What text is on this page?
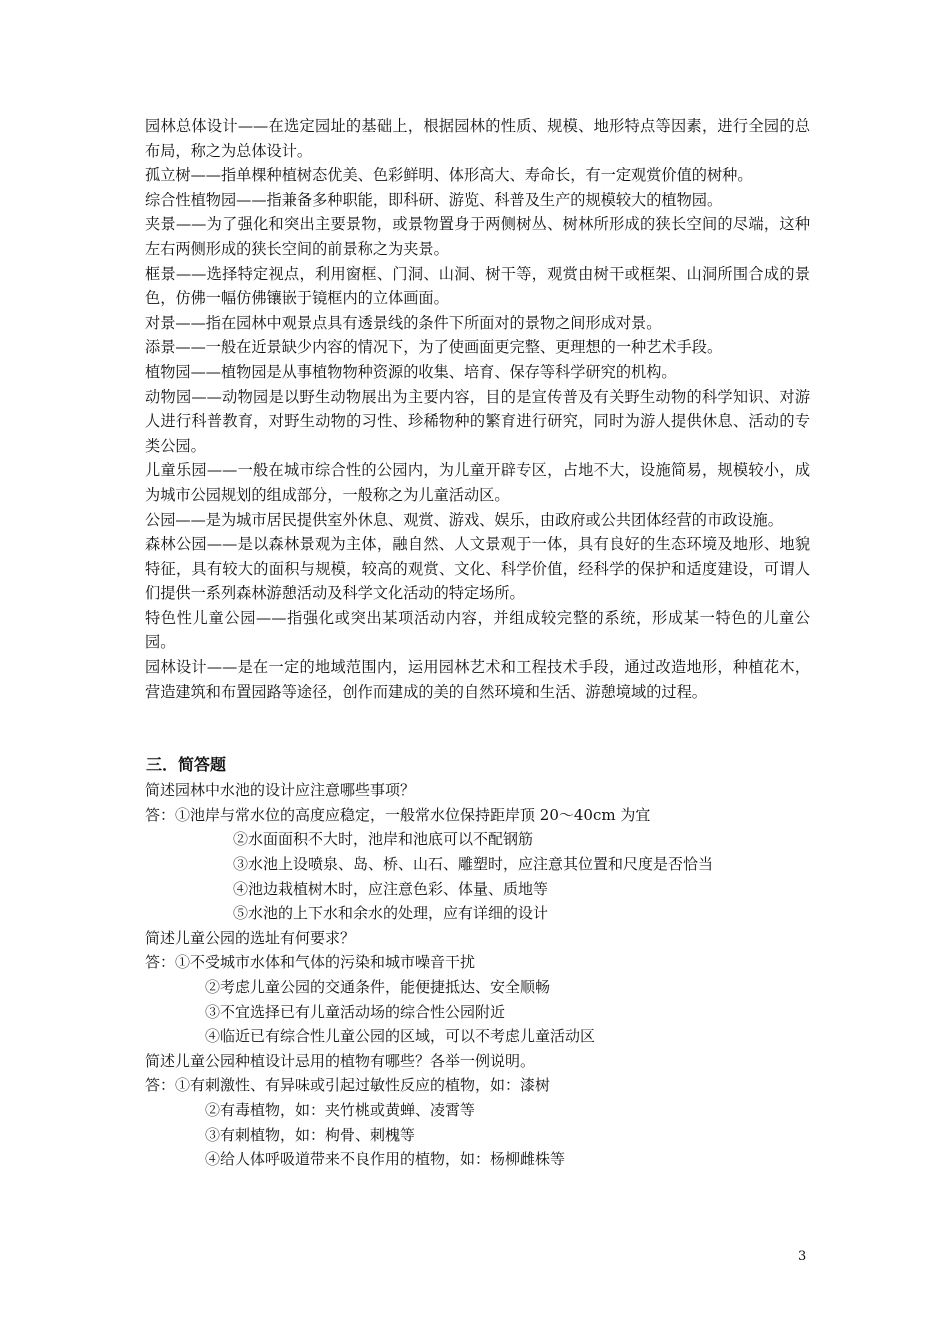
园林总体设计——在选定园址的基础上，根据园林的性质、规模、地形特点等因素，进行全园的总布局，称之为总体设计。

孤立树——指单棵种植树态优美、色彩鲜明、体形高大、寿命长，有一定观赏价值的树种。

综合性植物园——指兼备多种职能，即科研、游览、科普及生产的规模较大的植物园。

夹景——为了强化和突出主要景物，或景物置身于两侧树丛、树林所形成的狭长空间的尽端，这种左右两侧形成的狭长空间的前景称之为夹景。

框景——选择特定视点，利用窗框、门洞、山洞、树干等，观赏由树干或框架、山洞所围合成的景色，仿佛一幅仿佛镶嵌于镜框内的立体画面。

对景——指在园林中观景点具有透景线的条件下所面对的景物之间形成对景。

添景——一般在近景缺少内容的情况下，为了使画面更完整、更理想的一种艺术手段。

植物园——植物园是从事植物物种资源的收集、培育、保存等科学研究的机构。

动物园——动物园是以野生动物展出为主要内容，目的是宣传普及有关野生动物的科学知识、对游人进行科普教育，对野生动物的习性、珍稀物种的繁育进行研究，同时为游人提供休息、活动的专类公园。

儿童乐园——一般在城市综合性的公园内，为儿童开辟专区，占地不大，设施简易，规模较小，成为城市公园规划的组成部分，一般称之为儿童活动区。

公园——是为城市居民提供室外休息、观赏、游戏、娱乐，由政府或公共团体经营的市政设施。

森林公园——是以森林景观为主体，融自然、人文景观于一体，具有良好的生态环境及地形、地貌特征，具有较大的面积与规模，较高的观赏、文化、科学价值，经科学的保护和适度建设，可谓人们提供一系列森林游憩活动及科学文化活动的特定场所。

特色性儿童公园——指强化或突出某项活动内容，并组成较完整的系统，形成某一特色的儿童公园。

园林设计——是在一定的地域范围内，运用园林艺术和工程技术手段，通过改造地形，种植花木，营造建筑和布置园路等途径，创作而建成的美的自然环境和生活、游憩境域的过程。

三．简答题

简述园林中水池的设计应注意哪些事项？

答：①池岸与常水位的高度应稳定，一般常水位保持距岸顶 20～40cm 为宜

②水面面积不大时，池岸和池底可以不配钢筋

③水池上设喷泉、岛、桥、山石、雕塑时，应注意其位置和尺度是否恰当

④池边栽植树木时，应注意色彩、体量、质地等

⑤水池的上下水和余水的处理，应有详细的设计

简述儿童公园的选址有何要求？

答：①不受城市水体和气体的污染和城市噪音干扰

②考虑儿童公园的交通条件，能便捷抵达、安全顺畅

③不宜选择已有儿童活动场的综合性公园附近

④临近已有综合性儿童公园的区域，可以不考虑儿童活动区

简述儿童公园种植设计忌用的植物有哪些？各举一例说明。

答：①有刺激性、有异味或引起过敏性反应的植物，如：漆树

②有毒植物，如：夹竹桃或黄蝉、凌霄等

③有刺植物，如：枸骨、刺槐等

④给人体呼吸道带来不良作用的植物，如：杨柳雌株等

3
